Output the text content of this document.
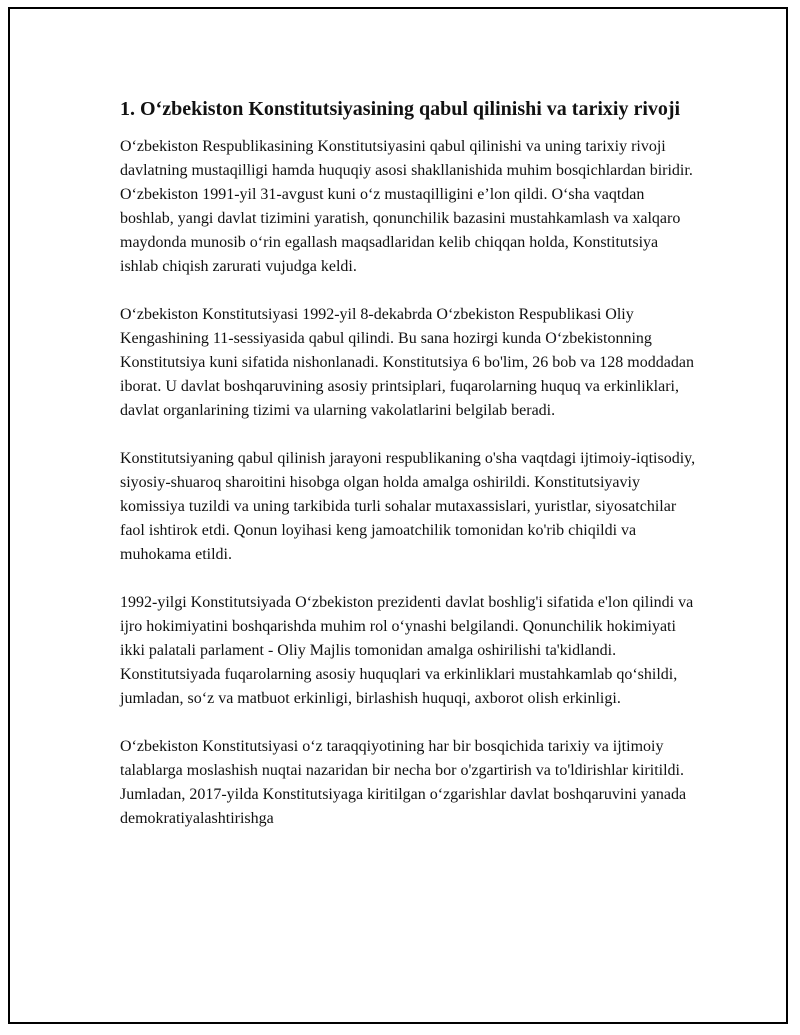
1. O‘zbekiston Konstitutsiyasining qabul qilinishi va tarixiy rivoji

O‘zbekiston Respublikasining Konstitutsiyasini qabul qilinishi va uning tarixiy rivoji davlatning mustaqilligi hamda huquqiy asosi shakllanishida muhim bosqichlardan biridir. O‘zbekiston 1991-yil 31-avgust kuni o‘z mustaqilligini e’lon qildi. O‘sha vaqtdan boshlab, yangi davlat tizimini yaratish, qonunchilik bazasini mustahkamlash va xalqaro maydonda munosib o‘rin egallash maqsadlaridan kelib chiqqan holda, Konstitutsiya ishlab chiqish zarurati vujudga keldi.

O‘zbekiston Konstitutsiyasi 1992-yil 8-dekabrda O‘zbekiston Respublikasi Oliy Kengashining 11-sessiyasida qabul qilindi. Bu sana hozirgi kunda O‘zbekistonning Konstitutsiya kuni sifatida nishonlanadi. Konstitutsiya 6 bo'lim, 26 bob va 128 moddadan iborat. U davlat boshqaruvining asosiy printsiplari, fuqarolarning huquq va erkinliklari, davlat organlarining tizimi va ularning vakolatlarini belgilab beradi.

Konstitutsiyaning qabul qilinish jarayoni respublikaning o'sha vaqtdagi ijtimoiy-iqtisodiy, siyosiy-shuaroq sharoitini hisobga olgan holda amalga oshirildi. Konstitutsiyaviy komissiya tuzildi va uning tarkibida turli sohalar mutaxassislari, yuristlar, siyosatchilar faol ishtirok etdi. Qonun loyihasi keng jamoatchilik tomonidan ko'rib chiqildi va muhokama etildi.

1992-yilgi Konstitutsiyada O‘zbekiston prezidenti davlat boshlig'i sifatida e'lon qilindi va ijro hokimiyatini boshqarishda muhim rol o‘ynashi belgilandi. Qonunchilik hokimiyati ikki palatali parlament - Oliy Majlis tomonidan amalga oshirilishi ta'kidlandi. Konstitutsiyada fuqarolarning asosiy huquqlari va erkinliklari mustahkamlab qo‘shildi, jumladan, so‘z va matbuot erkinligi, birlashish huquqi, axborot olish erkinligi.

O‘zbekiston Konstitutsiyasi o‘z taraqqiyotining har bir bosqichida tarixiy va ijtimoiy talablarga moslashish nuqtai nazaridan bir necha bor o'zgartirish va to'ldirishlar kiritildi. Jumladan, 2017-yilda Konstitutsiyaga kiritilgan o‘zgarishlar davlat boshqaruvini yanada demokratiyalashtirishga
